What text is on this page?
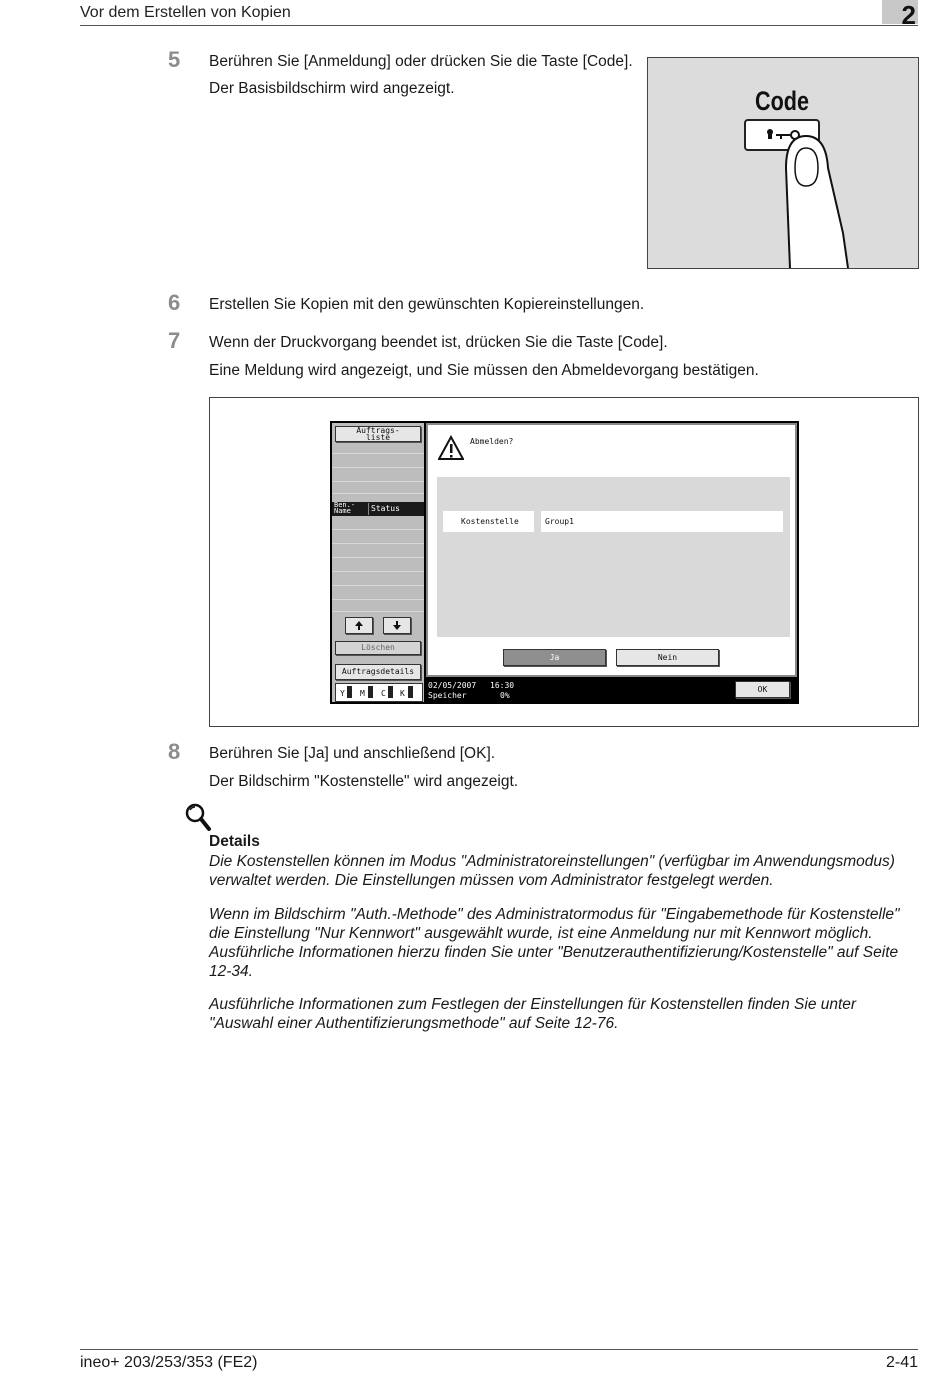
Vor dem Erstellen von Kopien	2
5 Berühren Sie [Anmeldung] oder drücken Sie die Taste [Code].
Der Basisbildschirm wird angezeigt.	Code
6 Erstellen Sie Kopien mit den gewünschten Kopiereinstellungen.
7 Wenn der Druckvorgang beendet ist, drücken Sie die Taste [Code].
Eine Meldung wird angezeigt, und Sie müssen den Abmeldevorgang bestätigen.
Auftrags-
liste
Ben.-
Name	Status
Löschen
Auftragsdetails
Y M C K
Abmelden?
Kostenstelle	Group1
Ja	Nein
02/05/2007 16:30
Speicher	0%
OK
8 Berühren Sie [Ja] und anschließend [OK].
Der Bildschirm "Kostenstelle" wird angezeigt.
Details
Die Kostenstellen können im Modus "Administratoreinstellungen" (verfügbar im Anwendungsmodus) verwaltet werden. Die Einstellungen müssen vom Administrator festgelegt werden.
Wenn im Bildschirm "Auth.-Methode" des Administratormodus für "Eingabemethode für Kostenstelle" die Einstellung "Nur Kennwort" ausgewählt wurde, ist eine Anmeldung nur mit Kennwort möglich. Ausführliche Informationen hierzu finden Sie unter "Benutzerauthentifizierung/Kostenstelle" auf Seite 12-34.
Ausführliche Informationen zum Festlegen der Einstellungen für Kostenstellen finden Sie unter "Auswahl einer Authentifizierungsmethode" auf Seite 12-76.
ineo+ 203/253/353 (FE2)	2-41
